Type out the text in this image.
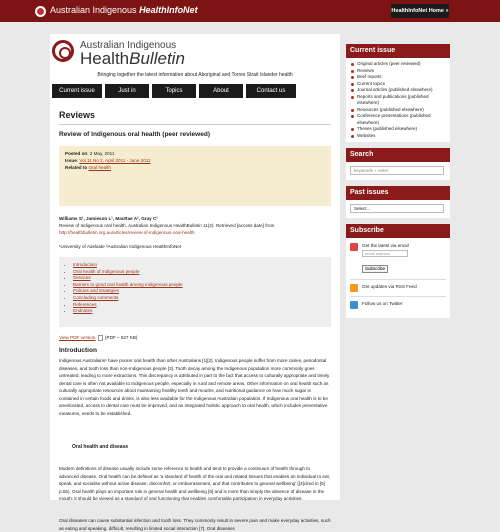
Australian Indigenous HealthInfoNet	HealthInfoNet Home »
Australian Indigenous
HealthBulletin
Bringing together the latest information about Aboriginal and Torres Strait Islander health
Current issue	Just in	Topics	About	Contact us
Reviews
Review of Indigenous oral health (peer reviewed)
Posted on: 2 May, 2011
Issue: Vol 11 No 2, April 2011 - June 2011
Related to Oral health
Williams S¹, Jamieson L¹, MacRae A², Gray C²
Review of Indigenous oral health. Australian Indigenous HealthBulletin 11(2). Retrieved [access date] from http://healthbulletin.org.au/articles/review-of-indigenous-oral-health
¹University of Adelaide ²Australian Indigenous HealthInfoNet
• Introduction
• Oral health of Indigenous people
• Services
• Barriers to good oral health among Indigenous people
• Policies and strategies
• Concluding comments
• References
• Endnotes
View PDF version (PDF – 627 KB)
Introduction
Indigenous Australians¹ have poorer oral health than other Australians [1][2]. Indigenous people suffer from more caries, periodontal diseases, and tooth loss than non-Indigenous people [3]. Tooth decay among the Indigenous population more commonly goes untreated, leading to more extractions. This discrepancy is attributed in part to the fact that access to culturally appropriate and timely dental care is often not available to Indigenous people, especially in rural and remote areas. Other information on oral health such as culturally appropriate resources about maintaining healthy teeth and mouths, and nutritional guidance on how much sugar is contained in certain foods and drinks, is also less available for the Indigenous Australian population. If Indigenous oral health is to be ameliorated, access to dental care must be improved, and an integrated holistic approach to oral health, which includes preventative measures, needs to be established.
Oral health and disease
Modern definitions of disease usually include some reference to health and tend to provide a continuum of health through to advanced disease. Oral health can be defined as 'a standard of health of the oral and related tissues that enables an individual to eat, speak, and socialise without active disease, discomfort, or embarrassment, and that contributes to general wellbeing' ([4]cited in [5] p.55). Oral health plays an important role in general health and wellbeing [6] and is more than simply the absence of disease in the mouth: it should be viewed as a standard of oral functioning that enables comfortable participation in everyday activities.
Oral diseases can cause substantial infection and tooth loss. They commonly result in severe pain and make everyday activities, such as eating and speaking, difficult, resulting in limited social interaction [7]. Oral diseases
Current issue
Original articles (peer reviewed)
Reviews
Brief reports
Current topics
Journal articles (published elsewhere)
Reports and publications (published elsewhere)
Resources (published elsewhere)
Conference presentations (published elsewhere)
Theses (published elsewhere)
Websites
Search
keywords + enter
Past issues
Select...
Subscribe
Get the latest via email
email address
Subscribe
Get updates via RSS Feed
Follow us on Twitter
